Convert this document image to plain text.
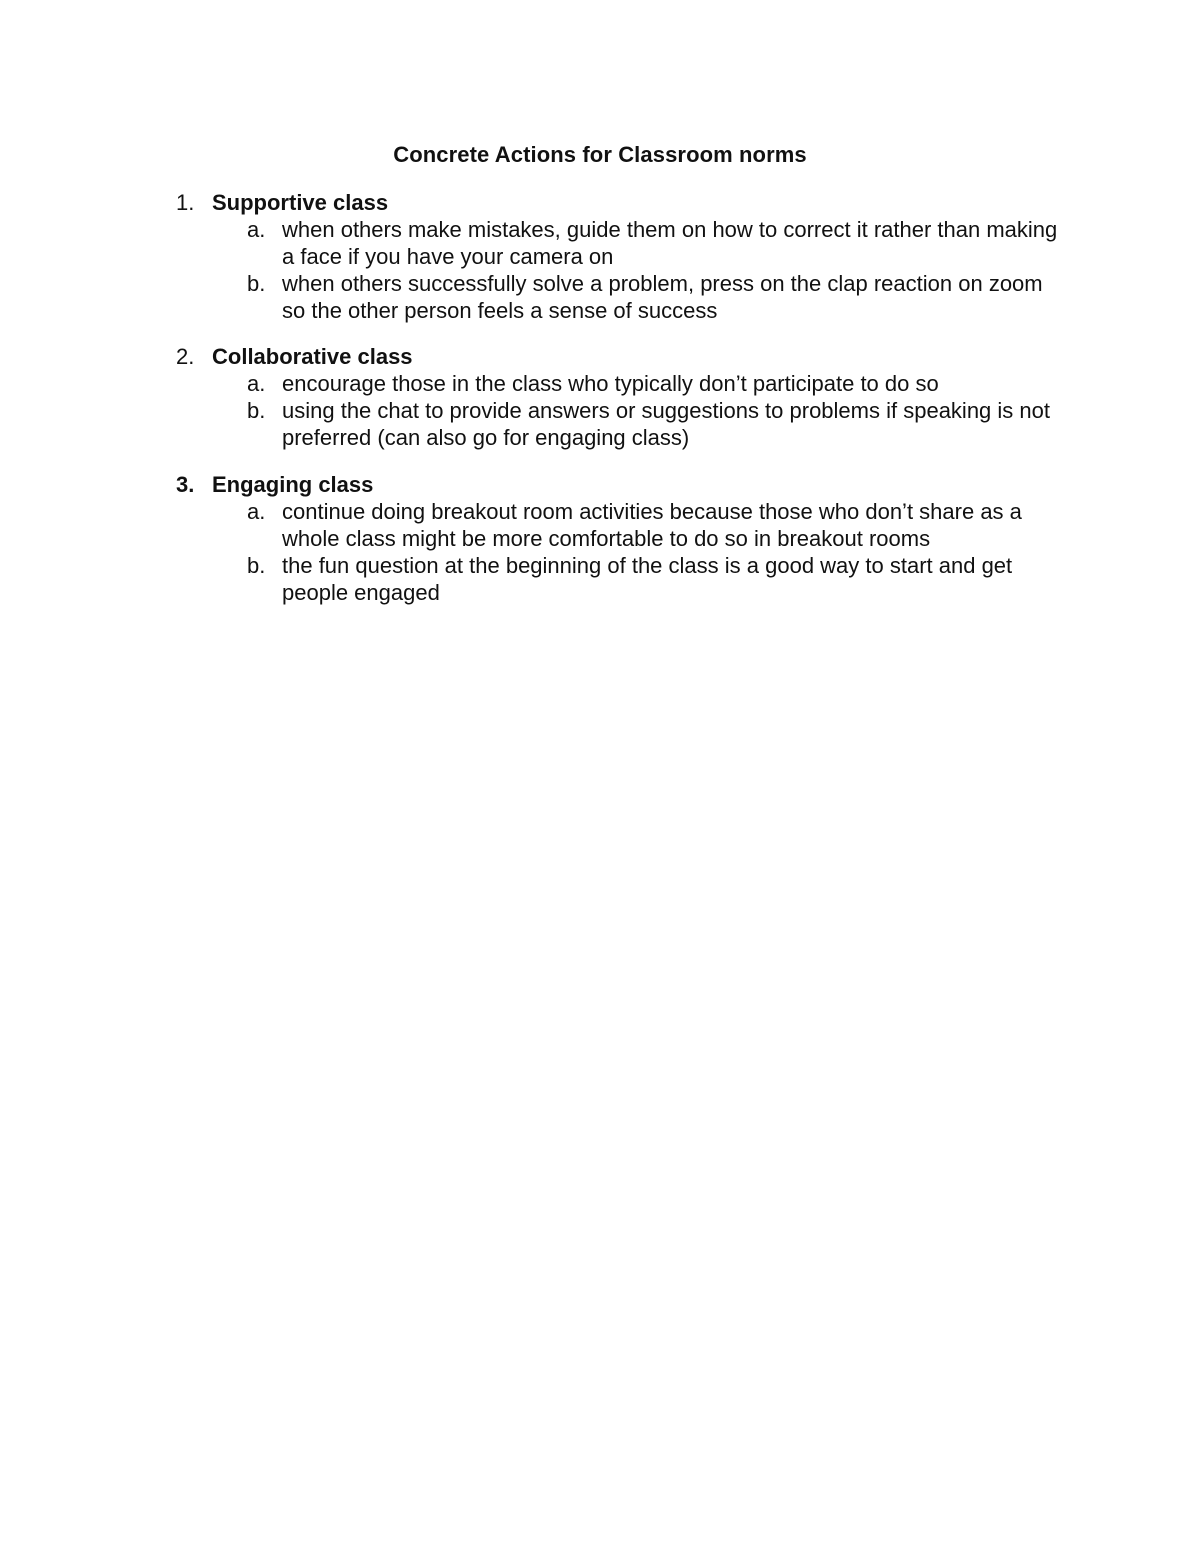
Concrete Actions for Classroom norms
1. Supportive class
a. when others make mistakes, guide them on how to correct it rather than making a face if you have your camera on
b. when others successfully solve a problem, press on the clap reaction on zoom so the other person feels a sense of success
2. Collaborative class
a. encourage those in the class who typically don’t participate to do so
b. using the chat to provide answers or suggestions to problems if speaking is not preferred (can also go for engaging class)
3. Engaging class
a. continue doing breakout room activities because those who don’t share as a whole class might be more comfortable to do so in breakout rooms
b. the fun question at the beginning of the class is a good way to start and get people engaged
